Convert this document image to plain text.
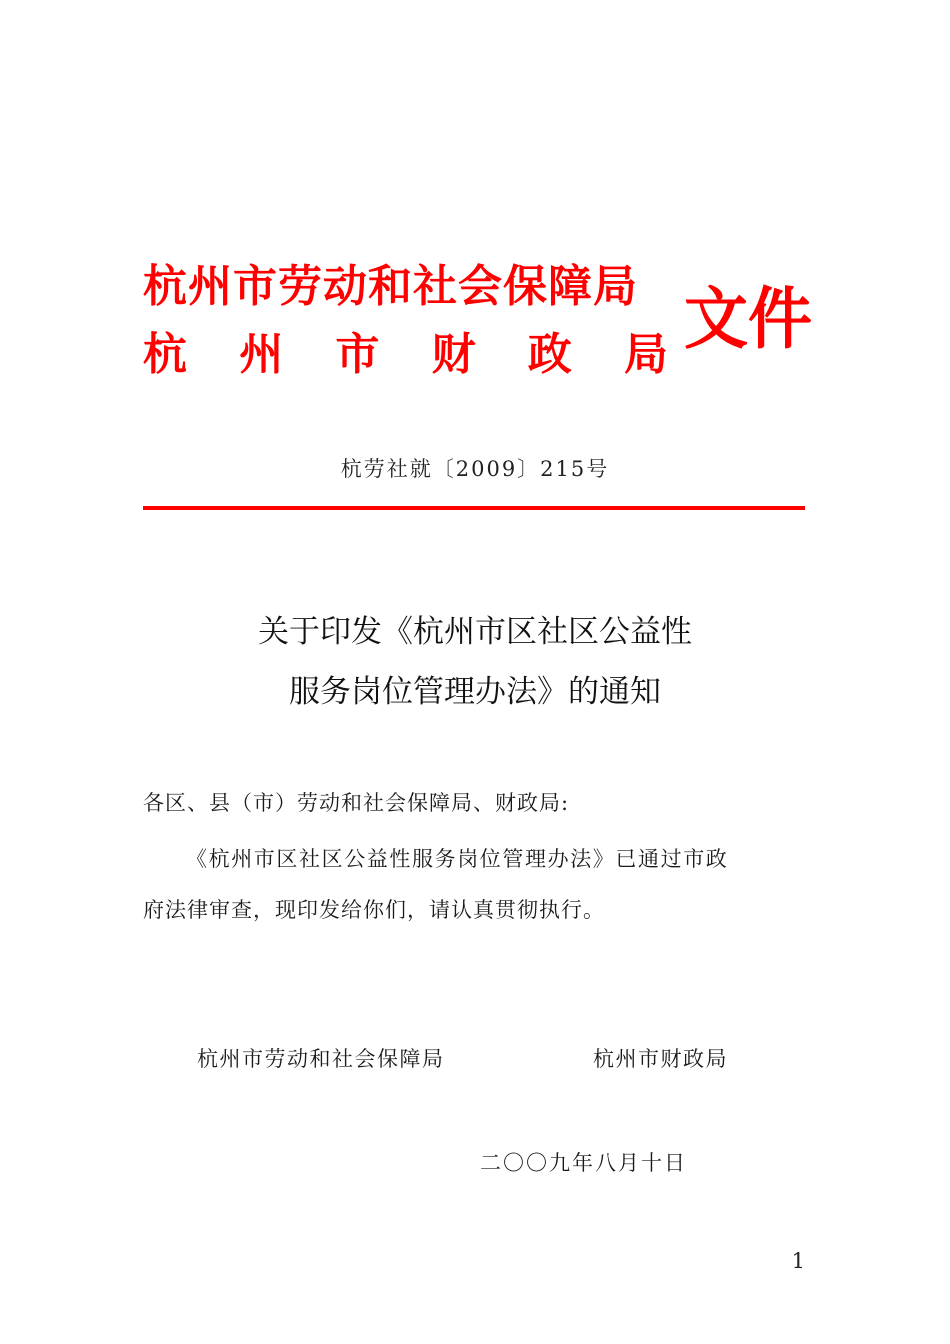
杭州市劳动和社会保障局
杭 州 市 财 政 局 文件
杭劳社就〔2009〕215号
关于印发《杭州市区社区公益性
服务岗位管理办法》的通知
各区、县（市）劳动和社会保障局、财政局:
《杭州市区社区公益性服务岗位管理办法》已通过市政
府法律审查，现印发给你们，请认真贯彻执行。
杭州市劳动和社会保障局	杭州市财政局
二〇〇九年八月十日
1
